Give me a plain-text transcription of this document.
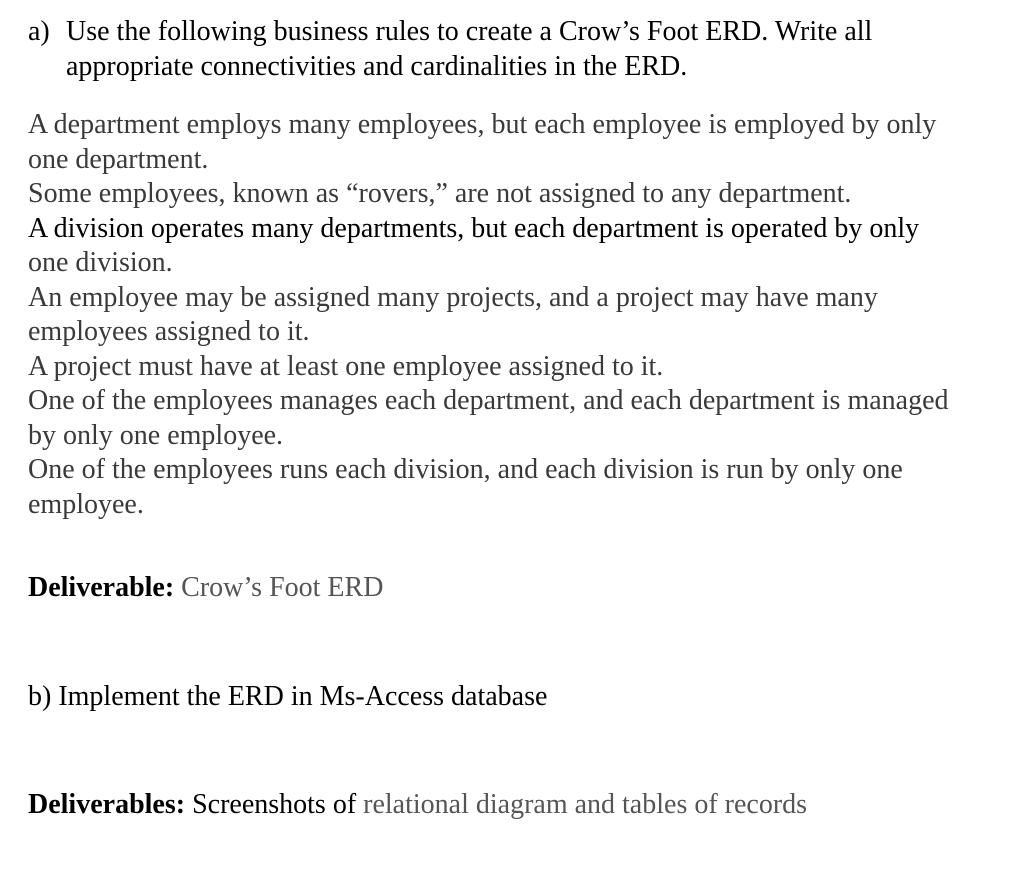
a) Use the following business rules to create a Crow’s Foot ERD. Write all
appropriate connectivities and cardinalities in the ERD.

A department employs many employees, but each employee is employed by only

one department.

Some employees, known as “rovers,” are not assigned to any department.

A division operates many departments, but each department is operated by only

one division.

An employee may be assigned many projects, and a project may have many

employees assigned to it.

A project must have at least one employee assigned to it.

One of the employees manages each department, and each department is managed

by only one employee.

One of the employees runs each division, and each division is run by only one

employee.

Deliverable: Crow’s Foot ERD
b) Implement the ERD in Ms-Access database
Deliverables: Screenshots of relational diagram and tables of records
